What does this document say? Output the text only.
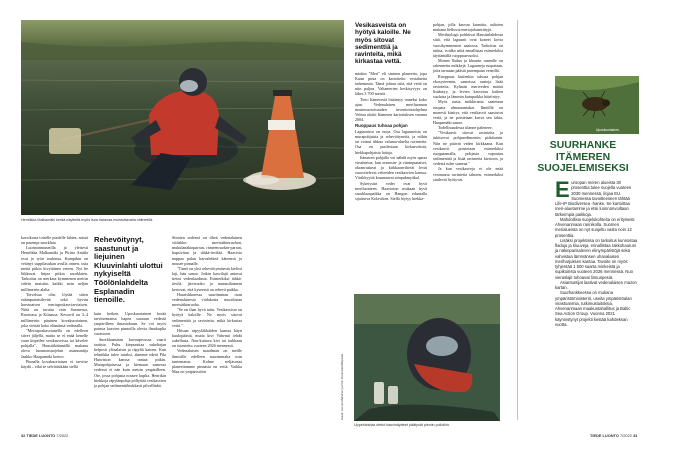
Henriikka Malkamäki kerää näytteitä myös isoa haravaa muistuttavalla välineellä.

kasvikosta toiselle puolelle lahtea, missä on parempi snorklata.

Luonnonmuseolla ja yleisesti Henriikka Malkamäki ja Piritta Anttila ovat jo työn touhussa. Kumpikin on vetänyt suppilasukan avulla onnen, usta mettä pitkin kivyttänen veteen. Nyt he liikkuvat linjaa pitkin snorklaten. Tarkoitus on merkata kymmenen metrin välein muistiin kaikki noin neljän millimetrin alalta.

Toivelsaa olisi löytää sitten eräänpartaisilevää sekä hyviin harvinaisen meriuposkasviarviaisen. Niitä on tavattu vain Suomessa, Ruotsissa ja Kiinassa. Kesowil on 3–4 millimetrin pituinen kovakuoriainen, joka viettää koko elämänsä vedenalla.

"Meriuposkasvianella on edelleen siivet jäljellä, mutta se ei enää kenelle vaan kiipeilee vesikasveissa tai kävelee pohjalla", Hausiiikäännällä mukana oleva luonnonsuojelun asiantuntija Jaakko Haapamäki kertoo.

Pinnalla kovakuoriaisen ei tarvitse käydä – eikä se selviäisikään siellä

Rehevöitynyt, saastunut ja liejuinen Kluuvinlahti ulottui nykyiseltä Töölönlahdelta Esplanadin tienoille.

kuin hetken. Uposkuoriainen kerää tarvitsemansa hapen suoraan vedestä ympärilleen ilmastokuun. Se voi myös poimia kasvien pinnoilla olevia ilmakuplia varastoon.

Snorklaamisen kuvauprvussa vaarii taatista. Puhu kiepsauttaa sukeltajan helposti ylösalaisin ja räpyliä katoen. Kun tekniikka tulee tutuksi, alamme edetä Pila Haavision kanssa rantaa pitkin. Mutapohjaisessa ja hiemaan samessa vedessä ei näe kuin metrin ympärilleen. Ote, jossa pohjasta nousee kuplia. Henrikin hiekkoja räpylänpohja pöllyttää vesikasvien ja pohjan sedimenttihiukkasit pilvellinkä.

Siimien sedeseä on tiheä vedenalainen viidakko: merisätkinruohon, mukulanäkinparran, rämeenruokin-parran, hapsivitan ja tähkä-ärvilää. Haavisto nappaa palan karvalehteä käteensä ja nousee pinnalle.

"Tämä on yksi rehevöitymisestä kielivä laji, hän sanoo. Jotkin kasvilajit antavat tietoa vedenlaadusta. Esimerkiksi tähkä-ärvilä, järviruoko ja nummilaimeni kertovat, että kyseessä on rehevä paikka.

Haurishkaressa suuriimman osan vedenalaisesta viidakosta muodostaa merisätkinruoho.

"Se on ihan hyvä tuttu. Vesikasvista on hyötyä kaloille. Ne myös sitovat sedimenttiä ja ravinteita, mikä kirkastaa vettä."

Hiisaar räpyyläkkäiden kanssa käyn kuulopäästä, mutta kivi Vahvasti tehdä sukellusta. Nau-kuttava kivi tai tarkkaan on toteutettu vuoteen 2026 mennessä.

Vedenalaisen maailman on meille ihmisille edelleen suurimmalta osin tuntematon. Kolme neljäsosaa planeettamme pinnasta on vettä. Vaikka Maa on ympäristöön

Vesikasveista on hyötyä kaloille. Ne myös sitovat sedimenttiä ja ravinteita, mikä kirkastaa vettä.

minkin "Meri" eli sininen planeetta, jopa Kuun pinta on kartoitettu vesialuetta tarkemmin. Tämä johtuu siitä, että vettä on niin paljon. Valtamerten keskisyvyys on lähes 3 700 metriä.

Tieto Itämerestä lisääntyy onneksi koko ajan. Vedenalaisen meriluonnon monimuotoisuuden inventointiohjelma Velmu aloitti Itämeren kartoituksen vuonna 2004.

Ruoppaus tuhoaa pohjan

Laguunissa on eroja. Osa laguuneista on murapohjaisia ja rehevöityneitä, ja niihin on voinut tihkua valuma-aluelta ravinteita. Osa on puolestaan kirkasvetisiä, hiekkapohjaisia laitoja.

Itämeren pohjalla voi nähdä myös upeaa virtahietoa, kun oranssin- ja viininpunaiset, okranruskeat ja kirkkaanvihreät levät vuorottelevat vehreiden vesikasvien kanssa. Värikkyyttä kruunaavat simpukmyäkal.

Sykeiysiin vedet ovat hyvä meriluonteen. Haavioton mukaan hyvä snorklaaspaikka on Hangon eduntalla sijaitseva Kolaviken. Siellä löytyy hiekka-

pohjan, jolla kasvaa kaunitta, aaltoien mukana lielluvia meriajokasniittyjä.

Merihiologit pohkiivat Hausiinlahdessa siitä, että laguunit ovat koneet kovia vuosikymmenten aaatossa. Tarkoitus on tutkia, voidko niitä ennallistaa esimerkiksi täyttämällä ruoppausvuoksi.

Monen lladan ja khaurin rannalle on rakennettu mökkejä. Laguuneja ruopataan, jotta tarmaan päästä parempaan veneillä.

Ruoppaus kuitenkin tuhoaa pohjan ekosysteemin, samoissa rantoja lisää ravinteita. Kylmän meriveden määrä lisääntyy, ja levien kasvetuu kaiken suolaisa ja lämmin kutupaikka häiriintyy.

Myös uusia mökkiranta saatetaan ruopata ulmaarantakai. Ilmiöllä on monesti käsitys, että vesikasvit saastuvat vettä, ja ne poistetaan kuvat sen takia, Haapamäki sanoo.

Todellisuudessa tilanne paleneee.

"Vesikasvit sitovat ravinteita ja tukitsevat pohjasedimentin pidulumin. Niin ne pitävät veden kirkkaana. Kun vesikasvit poistetaan esimerkiksi ruoppaamalla, pohjasta vapautuu sedimenttiä ja lisää ravinteita kiertoon, ja vedestä tulee sameaa."

Ja kun vesikasveja ei ole enää vesimassa ravinteita tahrzen, esimerkiksi sinilevät hyötyvät.

Uppeluksista otetut kasvinäytteet päätyvät pieniin pulloihin.
Kuvat: Joonas Metsänen ja Piotr Roszczak/Wikipedia
Uposkuoriainen.
SUURHANKE
ITÄMEREN
SUOJELEMISEKSI
E uroopan meren alueista 30 prosenttia tulee suojella vuoteen 2030 mennessä, linjaa EU. Suomessa tavoitteeseen tähtää Life-IP Biodiversea -hanke. Se kartoittaa meri-aluetamme ja etsii luonnonvoiltaan tärkeimpiä paikkoja.

Mahdollisia suojelukohteita on erityisesti Ahvenanmaan rannikolla. Suomen merialueista on nyt suojeltu vasta noin 12 prosenttia.

Lisäksi projektissa on tarkoitus kunnostaa fladuja ja kluuveja, ennallistaa rakkohauruni ja näkinparisaleven elinympäristöjä sekä vahvistaa lämmänsen uhanalaisen meriharjuksen kantaa. Tavoite on myös tyhjentää 1 500 saarta minkeistä ja supikoirista vuoteen 2026 mennessä. Nuo vieraslajit tuhoavat linnunpesiä.

Asiantuntijat laativat vedenalaisen mazon kartan.

Suurhankkeessa on mukana ympäristöministeriö, useita ympäristöalan virastoanmia, tutkimuslaitoksia, Ahvenanmaan maakuntahallitus ja Baltic Sea Action Group. Vuonna 2021 käynnistynyt projekti kestää kahdeksan vuotta.

32 TIEDE LUONTO 7/2022	TIEDE LUONTO 7/2022 33
